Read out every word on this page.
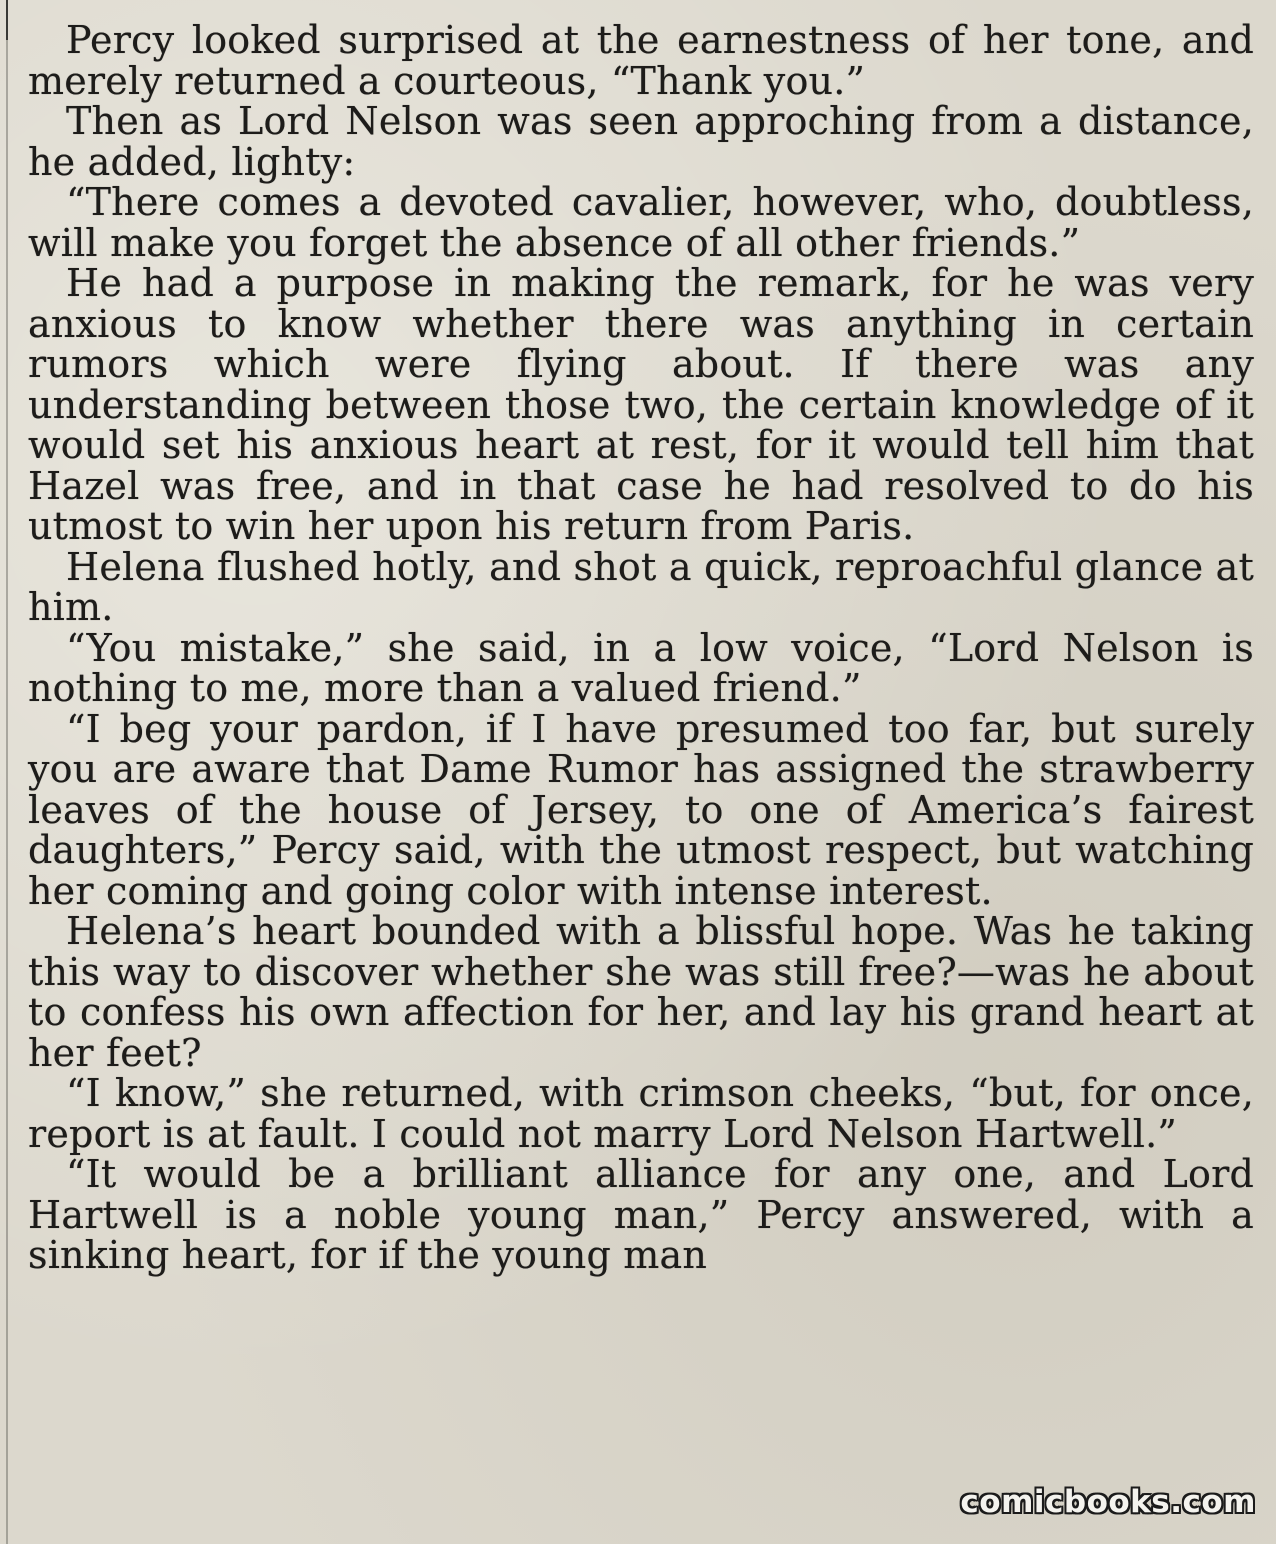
Percy looked surprised at the earnestness of her tone, and merely returned a courteous, “Thank you.”

Then as Lord Nelson was seen approching from a distance, he added, lighty:

“There comes a devoted cavalier, however, who, doubtless, will make you forget the absence of all other friends.”

He had a purpose in making the remark, for he was very anxious to know whether there was anything in certain rumors which were flying about. If there was any understanding between those two, the certain knowledge of it would set his anxious heart at rest, for it would tell him that Hazel was free, and in that case he had resolved to do his utmost to win her upon his return from Paris.

Helena flushed hotly, and shot a quick, reproachful glance at him.

“You mistake,” she said, in a low voice, “Lord Nelson is nothing to me, more than a valued friend.”

“I beg your pardon, if I have presumed too far, but surely you are aware that Dame Rumor has assigned the strawberry leaves of the house of Jersey, to one of America’s fairest daughters,” Percy said, with the utmost respect, but watching her coming and going color with intense interest.

Helena’s heart bounded with a blissful hope. Was he taking this way to discover whether she was still free?—was he about to confess his own affection for her, and lay his grand heart at her feet?

“I know,” she returned, with crimson cheeks, “but, for once, report is at fault. I could not marry Lord Nelson Hartwell.”

“It would be a brilliant alliance for any one, and Lord Hartwell is a noble young man,” Percy answered, with a sinking heart, for if the young man

comicbooks.com
